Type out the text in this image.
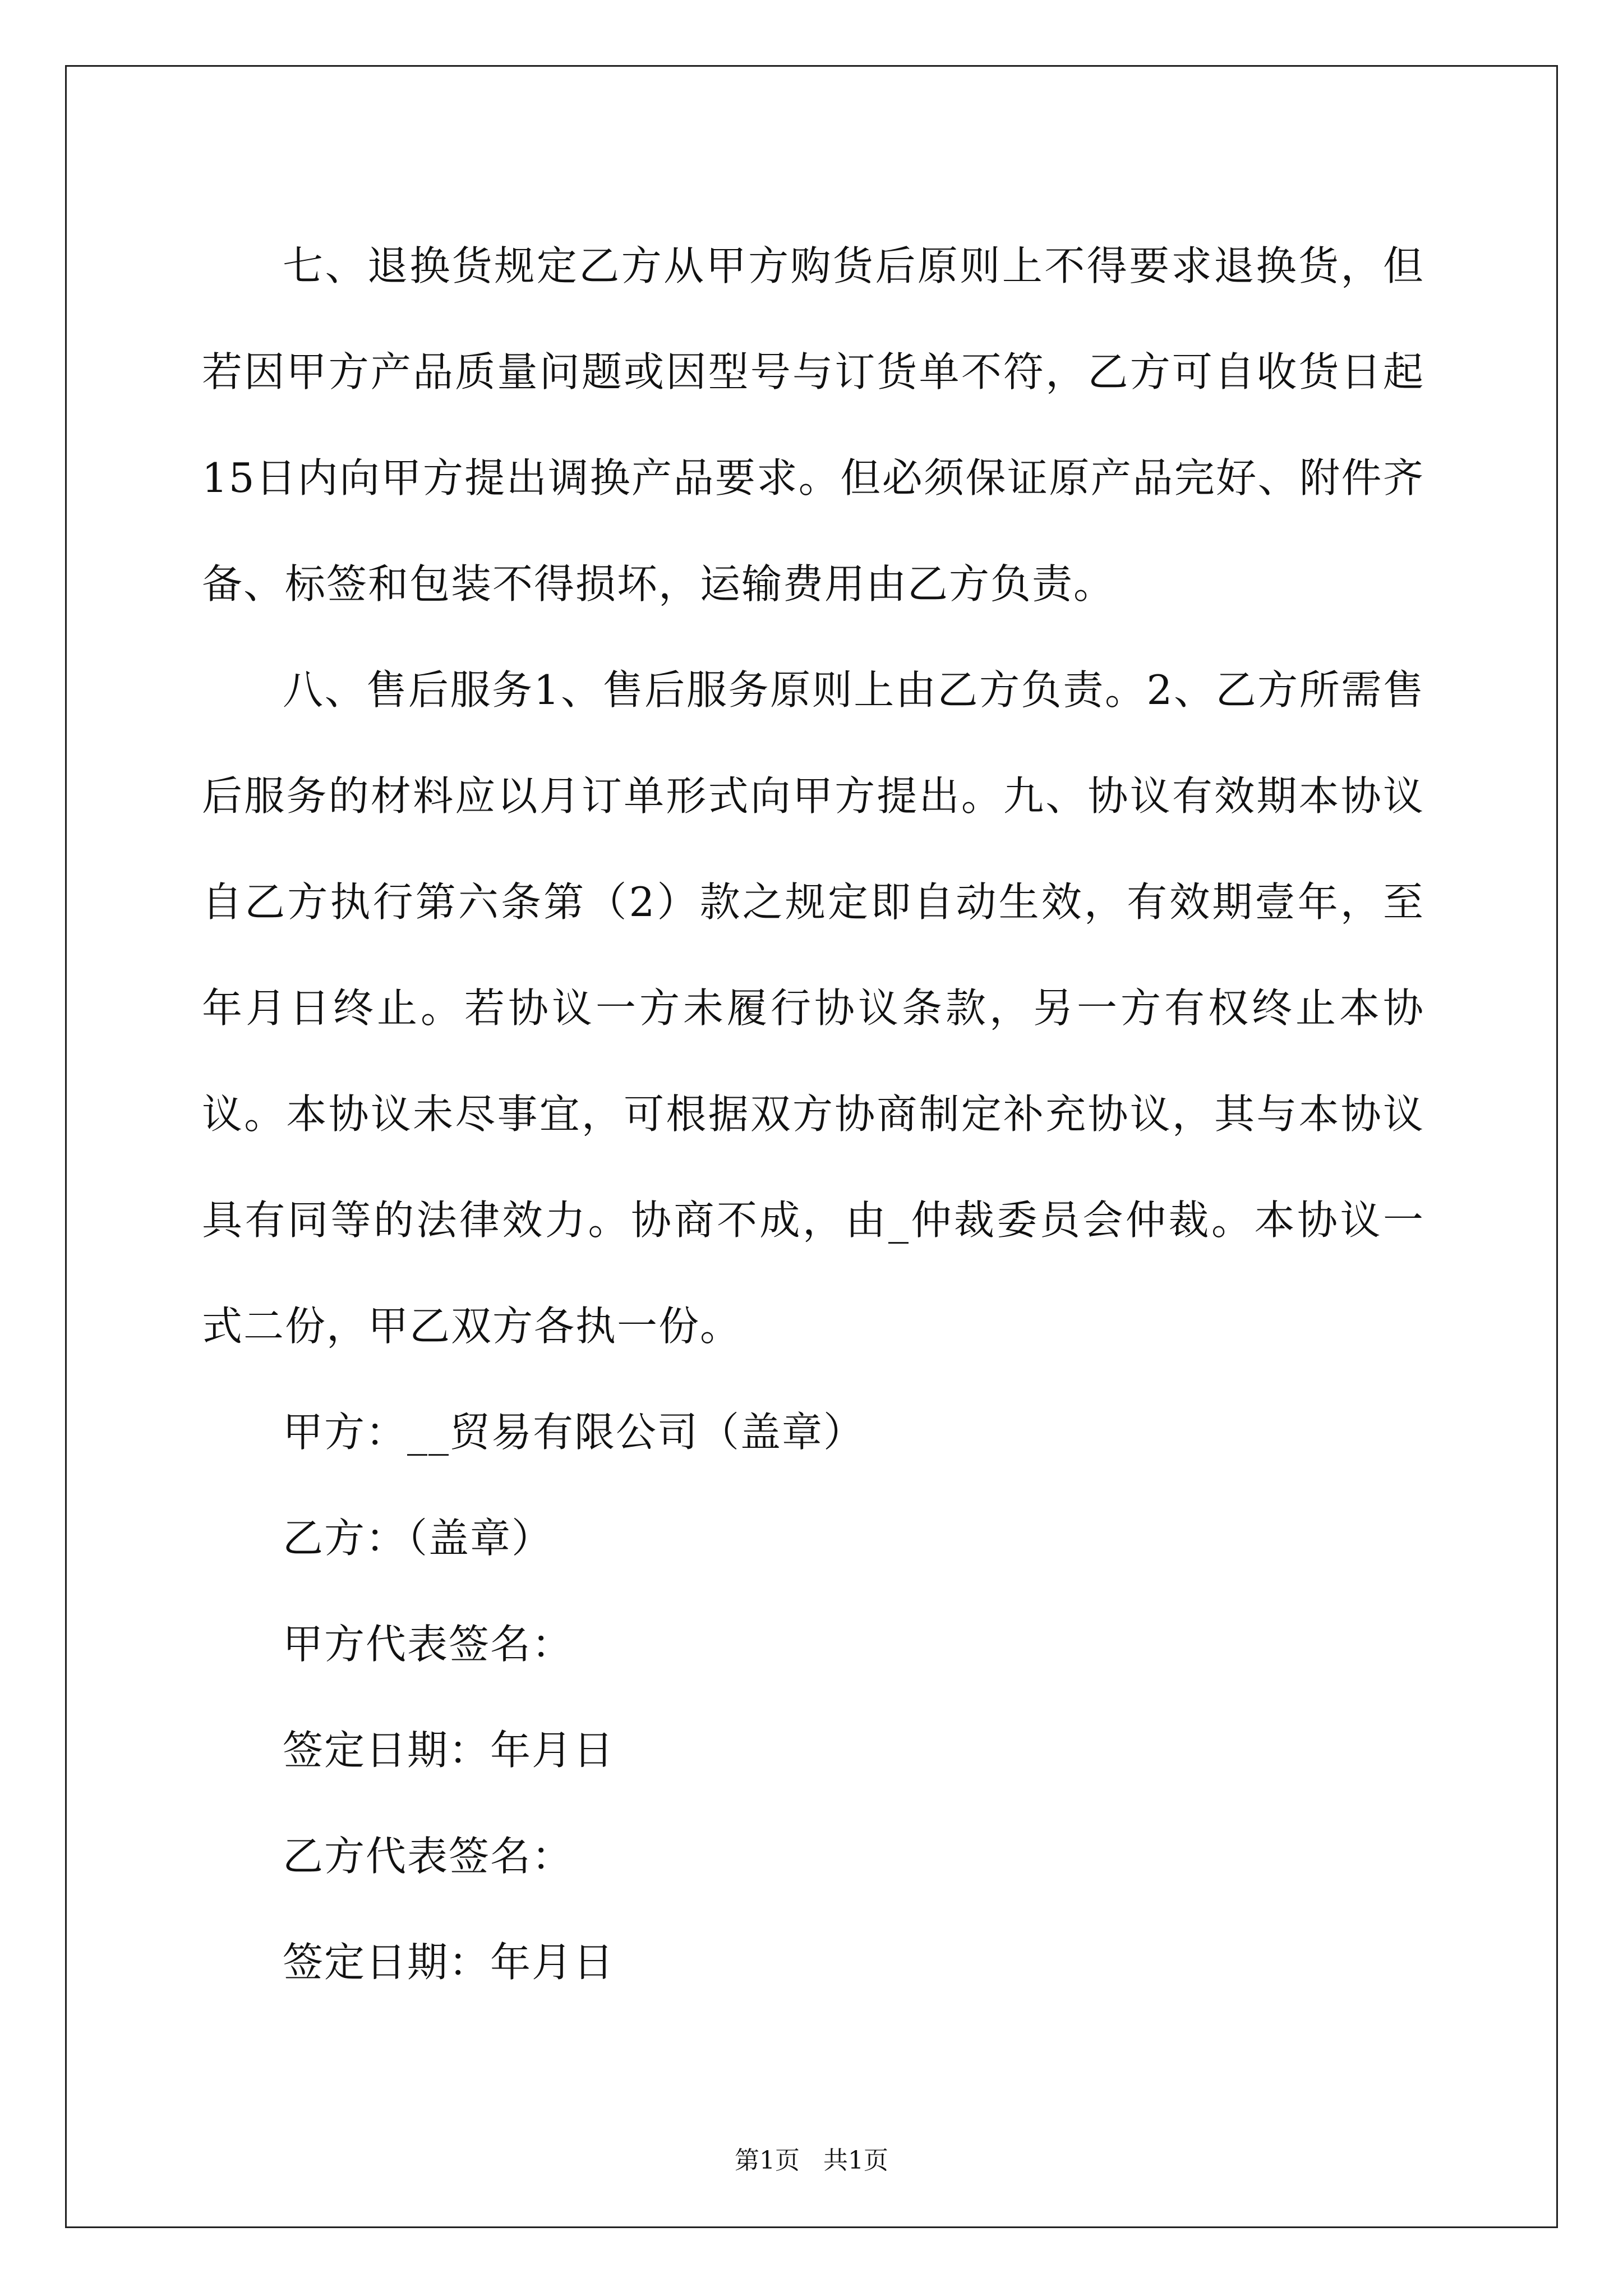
七、退换货规定乙方从甲方购货后原则上不得要求退换货，但若因甲方产品质量问题或因型号与订货单不符，乙方可自收货日起15日内向甲方提出调换产品要求。但必须保证原产品完好、附件齐备、标签和包装不得损坏，运输费用由乙方负责。

八、售后服务1、售后服务原则上由乙方负责。2、乙方所需售后服务的材料应以月订单形式向甲方提出。九、协议有效期本协议自乙方执行第六条第（2）款之规定即自动生效，有效期壹年，至年月日终止。若协议一方未履行协议条款，另一方有权终止本协议。本协议未尽事宜，可根据双方协商制定补充协议，其与本协议具有同等的法律效力。协商不成，由_仲裁委员会仲裁。本协议一式二份，甲乙双方各执一份。

甲方：__贸易有限公司（盖章）

乙方：（盖章）

甲方代表签名：

签定日期：年月日

乙方代表签名：

签定日期：年月日

第1页   共1页
